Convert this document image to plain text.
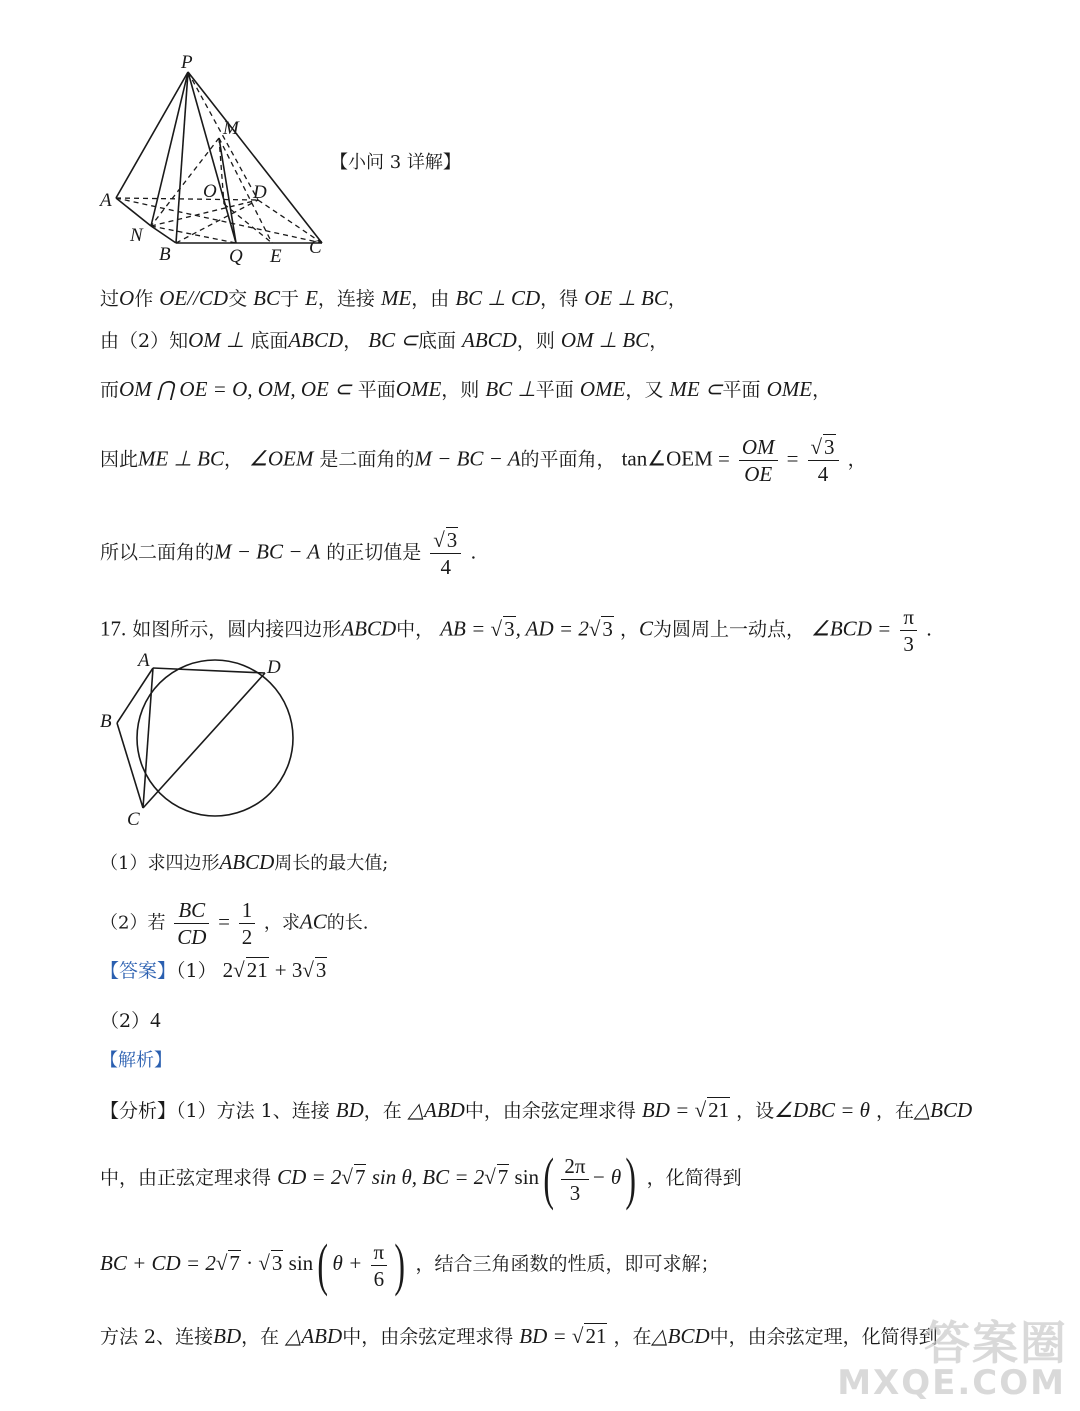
P
M
A	O D
N
B	Q E C
【小问 3 详解】
过O作 OE//CD交 BC于 E，连接 ME，由 BC ⊥ CD，得 OE ⊥ BC，
由（2）知OM ⊥ 底面ABCD， BC ⊂底面 ABCD，则 OM ⊥ BC，
而OM ⋂ OE = O, OM, OE ⊂ 平面OME，则 BC ⊥平面 OME，又 ME ⊂平面 OME，
因此ME ⊥ BC， ∠OEM 是二面角的M − BC − A的平面角， tan∠OEM = $\frac{OM}{OE} = \frac{√3}{4}$ ，
所以二面角的M − BC − A 的正切值是 $\frac{√3}{4}$ .
17. 如图所示，圆内接四边形ABCD中， AB = √3, AD = 2√3 ，C为圆周上一动点， ∠BCD = $\frac{\pi}{3}$ .
A	D
B
C
（1）求四边形ABCD周长的最大值;
（2）若 $\frac{BC}{CD} = \frac{1}{2}$ ，求AC的长.
【答案】（1） 2√21 + 3√3
（2）4
【解析】
【分析】（1）方法 1、连接 BD，在 △ABD中，由余弦定理求得 BD = √21 ，设∠DBC = θ ，在△BCD
中，由正弦定理求得 CD = 2√7 sin θ, BC = 2√7 $\sin( \frac{2\pi}{3} - \theta)$ ，化简得到
BC + CD = 2√7 · √3 sin( $\theta + \frac{\pi}{6}$ ) ，结合三角函数的性质，即可求解；
方法 2、连接BD，在 △ABD中，由余弦定理求得 BD = √21 ，在△BCD中，由余弦定理，化简得到
答案圈
MXQE.COM
